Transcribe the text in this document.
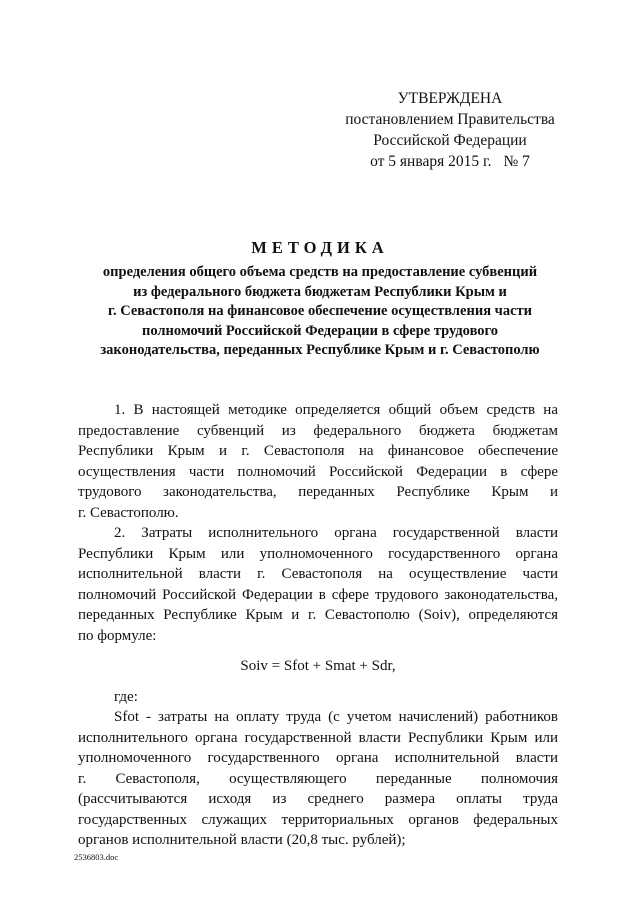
УТВЕРЖДЕНА
постановлением Правительства
Российской Федерации
от 5 января 2015 г. № 7
МЕТОДИКА
определения общего объема средств на предоставление субвенций
из федерального бюджета бюджетам Республики Крым и
г. Севастополя на финансовое обеспечение осуществления части
полномочий Российской Федерации в сфере трудового
законодательства, переданных Республике Крым и г. Севастополю
1. В настоящей методике определяется общий объем средств на
предоставление субвенций из федерального бюджета бюджетам
Республики Крым и г. Севастополя на финансовое обеспечение
осуществления части полномочий Российской Федерации в сфере
трудового законодательства, переданных Республике Крым и
г. Севастополю.
2. Затраты исполнительного органа государственной власти
Республики Крым или уполномоченного государственного органа
исполнительной власти г. Севастополя на осуществление части
полномочий Российской Федерации в сфере трудового законодательства,
переданных Республике Крым и г. Севастополю (Soiv), определяются
по формуле:
Soiv = Sfot + Smat + Sdr,
где:
Sfot - затраты на оплату труда (с учетом начислений) работников
исполнительного органа государственной власти Республики Крым или
уполномоченного государственного органа исполнительной власти
г. Севастополя, осуществляющего переданные полномочия
(рассчитываются исходя из среднего размера оплаты труда
государственных служащих территориальных органов федеральных
органов исполнительной власти (20,8 тыс. рублей);
2536803.doc
